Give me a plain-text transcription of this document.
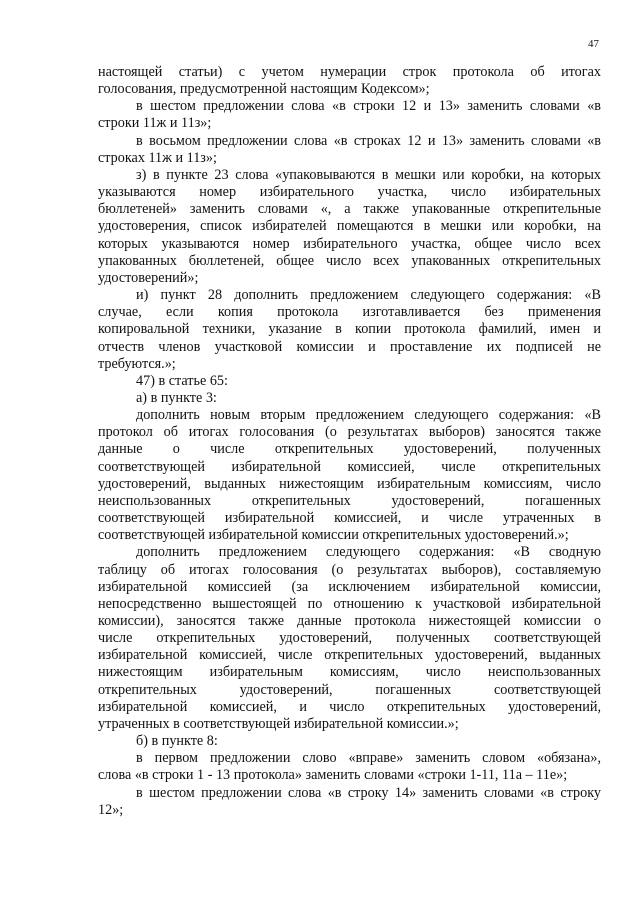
47
настоящей статьи) с учетом нумерации строк протокола об итогах
голосования, предусмотренной настоящим Кодексом»;
в шестом предложении слова «в строки 12 и 13» заменить словами «в
строки 11ж и 11з»;
в восьмом предложении слова «в строках 12 и 13» заменить словами «в
строках 11ж и 11з»;
з) в пункте 23 слова «упаковываются в мешки или коробки, на которых
указываются номер избирательного участка, число избирательных
бюллетеней» заменить словами «, а также упакованные открепительные
удостоверения, список избирателей помещаются в мешки или коробки, на
которых указываются номер избирательного участка, общее число всех
упакованных бюллетеней, общее число всех упакованных открепительных
удостоверений»;
и) пункт 28 дополнить предложением следующего содержания: «В
случае, если копия протокола изготавливается без применения
копировальной техники, указание в копии протокола фамилий, имен и
отчеств членов участковой комиссии и проставление их подписей не
требуются.»;
47) в статье 65:
а) в пункте 3:
дополнить новым вторым предложением следующего содержания: «В
протокол об итогах голосования (о результатах выборов) заносятся также
данные о числе открепительных удостоверений, полученных
соответствующей избирательной комиссией, числе открепительных
удостоверений, выданных нижестоящим избирательным комиссиям, число
неиспользованных открепительных удостоверений, погашенных
соответствующей избирательной комиссией, и числе утраченных в
соответствующей избирательной комиссии открепительных удостоверений.»;
дополнить предложением следующего содержания: «В сводную
таблицу об итогах голосования (о результатах выборов), составляемую
избирательной комиссией (за исключением избирательной комиссии,
непосредственно вышестоящей по отношению к участковой избирательной
комиссии), заносятся также данные протокола нижестоящей комиссии о
числе открепительных удостоверений, полученных соответствующей
избирательной комиссией, числе открепительных удостоверений, выданных
нижестоящим избирательным комиссиям, число неиспользованных
открепительных удостоверений, погашенных соответствующей
избирательной комиссией, и число открепительных удостоверений,
утраченных в соответствующей избирательной комиссии.»;
б) в пункте 8:
в первом предложении слово «вправе» заменить словом «обязана»,
слова «в строки 1 - 13 протокола» заменить словами «строки 1-11, 11а – 11е»;
в шестом предложении слова «в строку 14» заменить словами «в строку
12»;
